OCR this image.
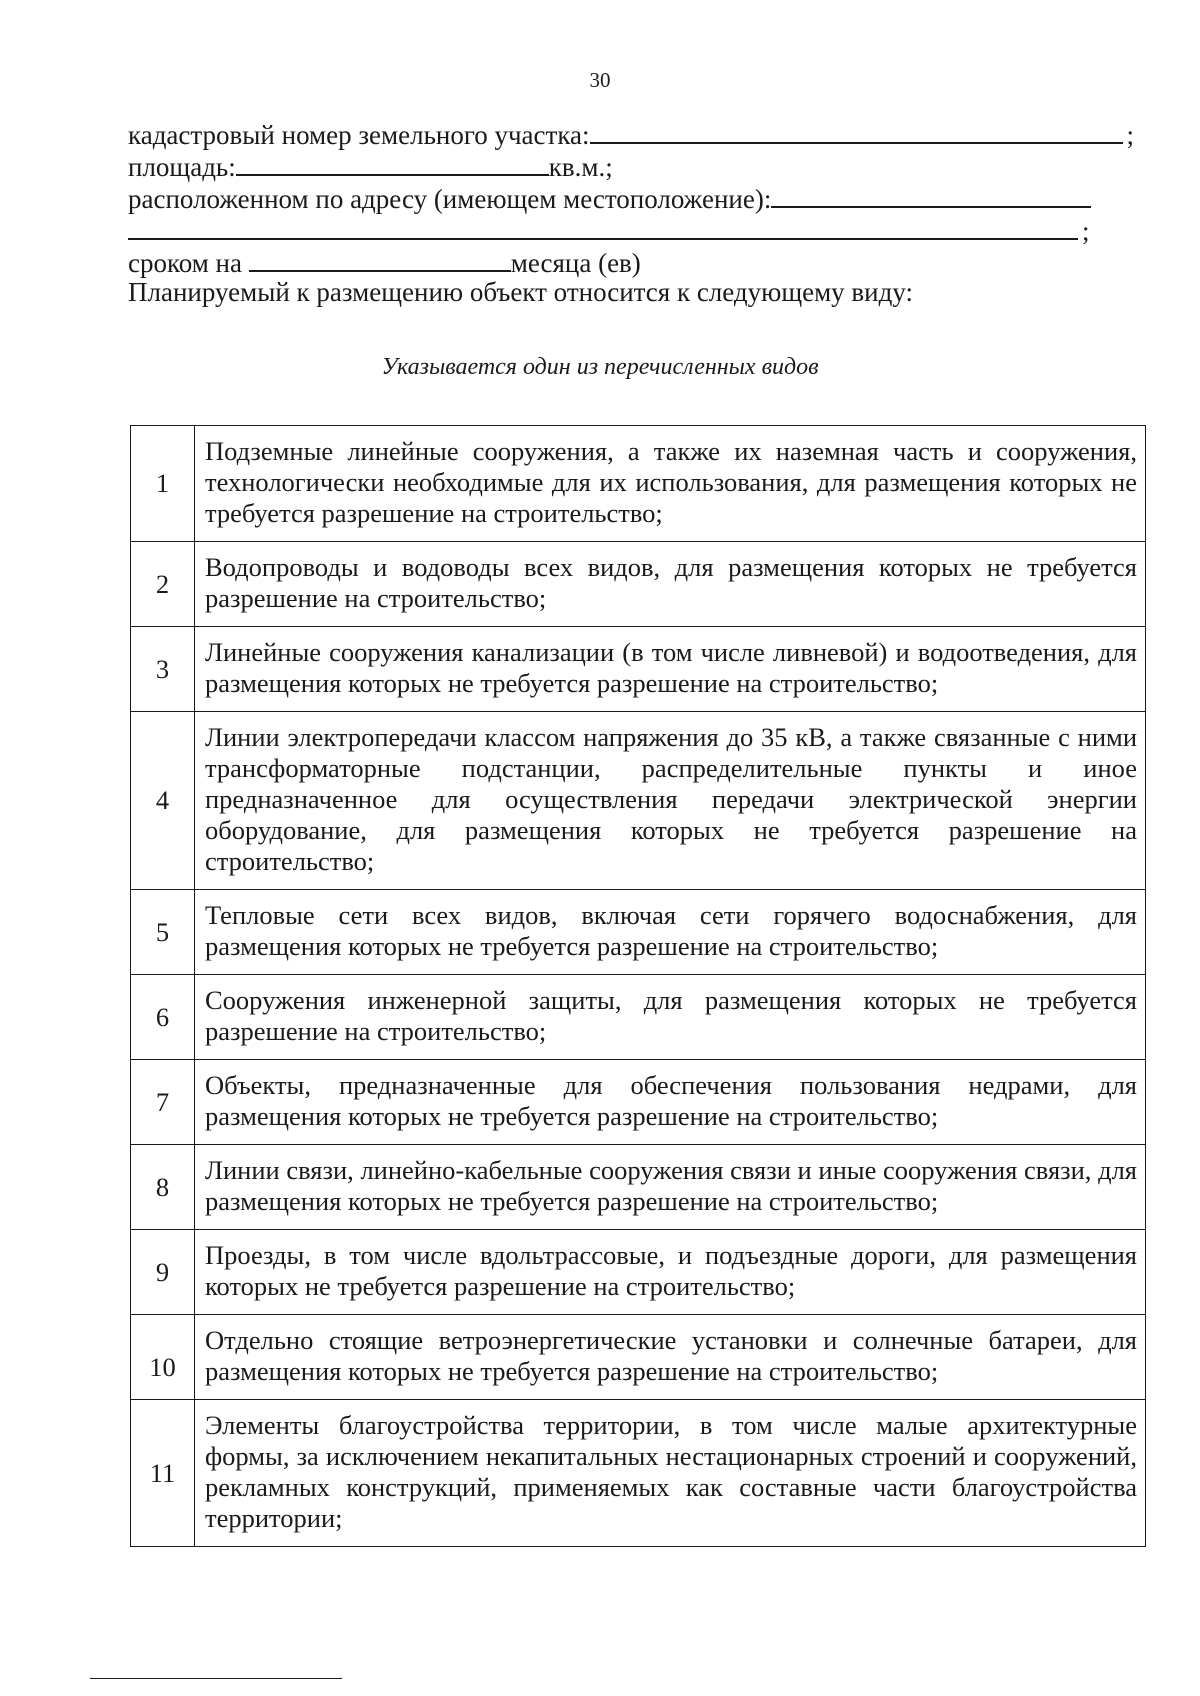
30
кадастровый номер земельного участка:	;
площадь:	кв.м.;
расположенном по адресу (имеющем местоположение):
;
сроком на	месяца (ев)
Планируемый к размещению объект относится к следующему виду:
Указывается один из перечисленных видов
1	Подземные линейные сооружения, а также их наземная часть и сооружения, технологически необходимые для их использования, для размещения которых не требуется разрешение на строительство;
2	Водопроводы и водоводы всех видов, для размещения которых не требуется разрешение на строительство;
3	Линейные сооружения канализации (в том числе ливневой) и водоотведения, для размещения которых не требуется разрешение на строительство;
4	Линии электропередачи классом напряжения до 35 кВ, а также связанные с ними трансформаторные подстанции, распределительные пункты и иное предназначенное для осуществления передачи электрической энергии оборудование, для размещения которых не требуется разрешение на строительство;
5	Тепловые сети всех видов, включая сети горячего водоснабжения, для размещения которых не требуется разрешение на строительство;
6	Сооружения инженерной защиты, для размещения которых не требуется разрешение на строительство;
7	Объекты, предназначенные для обеспечения пользования недрами, для размещения которых не требуется разрешение на строительство;
8	Линии связи, линейно-кабельные сооружения связи и иные сооружения связи, для размещения которых не требуется разрешение на строительство;
9	Проезды, в том числе вдольтрассовые, и подъездные дороги, для размещения которых не требуется разрешение на строительство;
10	Отдельно стоящие ветроэнергетические установки и солнечные батареи, для размещения которых не требуется разрешение на строительство;
11	Элементы благоустройства территории, в том числе малые архитектурные формы, за исключением некапитальных нестационарных строений и сооружений, рекламных конструкций, применяемых как составные части благоустройства территории;
